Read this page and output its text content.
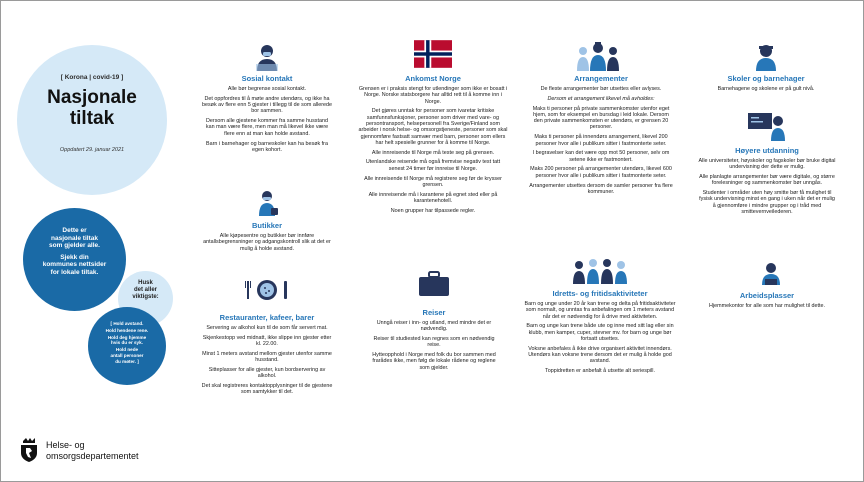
[ Korona | covid-19 ]
Nasjonale
tiltak
Oppdatert 29. januar 2021
Dette er
nasjonale tiltak
som gjelder alle.
Sjekk din
kommunes nettsider
for lokale tiltak.
Husk
det aller
viktigste:
[ Hold avstand.
Hold hendene rene.
Hold deg hjemme
hvis du er syk.
Hold nede
antall personer
du møter. ]
Helse- og
omsorgsdepartementet
Sosial kontakt

Alle bør begrense sosial kontakt.

Det oppfordres til å møte andre utendørs, og ikke ha besøk av flere enn 5 gjester i tillegg til de som allerede bor sammen.

Dersom alle gjestene kommer fra samme husstand kan man være flere, men man må likevel ikke være flere enn at man kan holde avstand.

Barn i barnehager og barneskoler kan ha besøk fra egen kohort.

Butikker

Alle kjøpesentre og butikker bør innføre antallsbegrensninger og adgangskontroll slik at det er mulig å holde avstand.

Restauranter, kafeer, barer

Servering av alkohol kun til de som får servert mat.

Skjenkestopp ved midnatt, ikke slippe inn gjester etter kl. 22.00.

Minst 1 meters avstand mellom gjester utenfor samme husstand.

Sitteplasser for alle gjester, kun bordservering av alkohol.

Det skal registreres kontaktopplysninger til de gjestene som samtykker til det.

Ankomst Norge

Grensen er i praksis stengt for utlendinger som ikke er bosatt i Norge. Norske statsborgere har alltid rett til å komme inn i Norge.

Det gjøres unntak for personer som ivaretar kritiske samfunnsfunksjoner, personer som driver med vare- og persontransport, helsepersonell fra Sverige/Finland som arbeider i norsk helse- og omsorgstjeneste, personer som skal gjennomføre fastsatt samvær med barn, personer som ellers har helt spesielle grunner for å komme til Norge.

Alle innreisende til Norge må teste seg på grensen.

Utenlandske reisende må også fremvise negativ test tatt senest 24 timer før innreise til Norge.

Alle innreisende til Norge må registrere seg før de krysser grensen.

Alle innreisende må i karantene på egnet sted eller på karantenehotell.

Noen grupper har tilpassede regler.

Reiser

Unngå reiser i inn- og utland, med mindre det er nødvendig.

Reiser til studiested kan regnes som en nødvendig reise.

Hytteopphold i Norge med folk du bor sammen med frarådes ikke, men følg de lokale rådene og reglene som gjelder.

Arrangementer

De fleste arrangementer bør utsettes eller avlyses.

Dersom et arrangement likevel må avholdes:

Maks ti personer på private sammenkomster utenfor eget hjem, som for eksempel en bursdag i leid lokale. Dersom den private sammenkomsten er utendørs, er grensen 20 personer.

Maks ti personer på innendørs arrangement, likevel 200 personer hvor alle i publikum sitter i fastmonterte seter.

I begravelser kan det være opp mot 50 personer, selv om setene ikke er fastmontert.

Maks 200 personer på arrangementer utendørs, likevel 600 personer hvor alle i publikum sitter i fastmonterte seter.

Arrangementer utsettes dersom de samler personer fra flere kommuner.

Idretts- og fritidsaktiviteter

Barn og unge under 20 år kan trene og delta på fritidsaktiviteter som normalt, og unntas fra anbefalingen om 1 meters avstand når det er nødvendig for å drive med aktiviteten.

Barn og unge kan trene både ute og inne med sitt lag eller sin klubb, men kamper, cuper, stevner mv. for barn og unge bør fortsatt utsettes.

Voksne anbefales å ikke drive organisert aktivitet innendørs. Utendørs kan voksne trene dersom det er mulig å holde god avstand.

Toppidretten er anbefalt å utsette alt seriespill.

Skoler og barnehager

Barnehagene og skolene er på gult nivå.

Høyere utdanning

Alle universiteter, høyskoler og fagskoler bør bruke digital undervisning der dette er mulig.

Alle planlagte arrangementer bør være digitale, og større forelesninger og sammenkomster bør unngås.

Studenter i områder uten høy smitte bør få mulighet til fysisk undervisning minst en gang i uken når det er mulig å gjennomføre i mindre grupper og i tråd med smittevernveilederen.

Arbeidsplasser

Hjemmekontor for alle som har mulighet til dette.
